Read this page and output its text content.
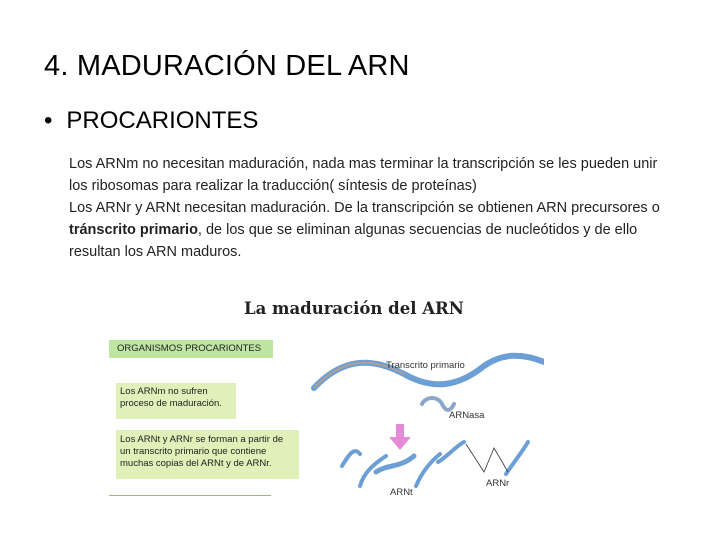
4. MADURACIÓN DEL ARN
• PROCARIONTES

Los ARNm no necesitan maduración, nada mas terminar la transcripción se les pueden unir los ribosomas para realizar la traducción( síntesis de proteínas)

Los ARNr y ARNt necesitan maduración. De la transcripción se obtienen ARN precursores o tránscrito primario, de los que se eliminan algunas secuencias de nucleótidos y de ello resultan los ARN maduros.

La maduración del ARN
ORGANISMOS PROCARIONTES
Los ARNm no sufren proceso de maduración.
Los ARNt y ARNr se forman a partir de un transcrito primario que contiene muchas copias del ARNt y de ARNr.
Transcrito primario
ARNasa
ARNt
ARNr
